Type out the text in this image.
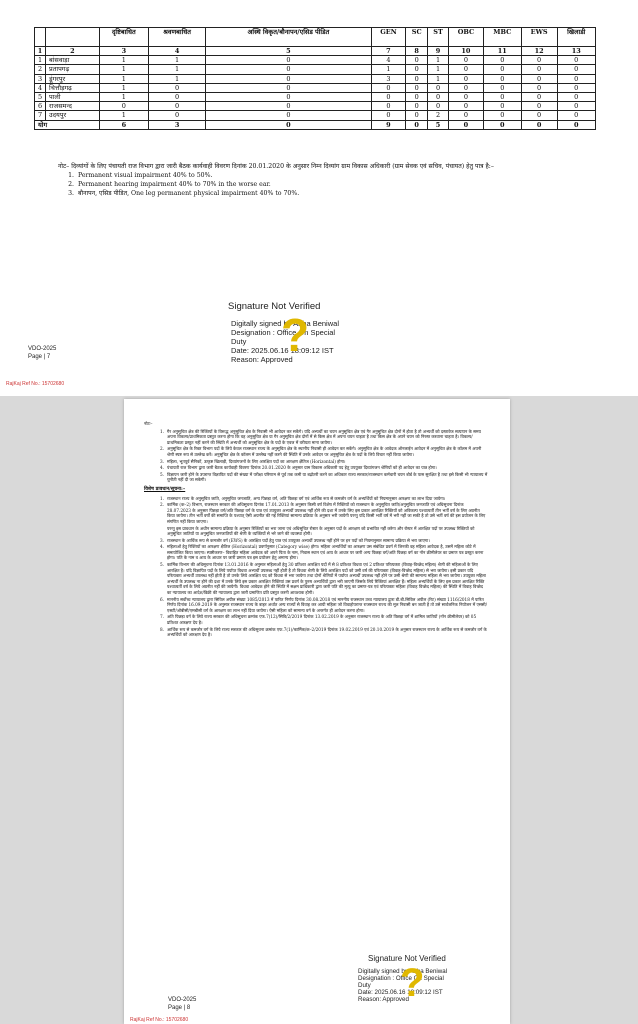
		दृष्टिबाधित	श्रवणबाधित	अस्थि विकृत/बौनापन/एसिड पीडित	GEN	SC	ST	OBC	MBC	EWS	खिलाडी
1	2	3	4	5	7	8	9	10	11	12	13
1	बांसवाड़ा	1	1	0	4	0	1	0	0	0	0
2	प्रतापगढ़	1	1	0	1	0	1	0	0	0	0
3	डूंगरपुर	1	1	0	3	0	1	0	0	0	0
4	चित्तौड़गढ़	1	0	0	0	0	0	0	0	0	0
5	पाली	1	0	0	0	0	0	0	0	0	0
6	राजसमन्द	0	0	0	0	0	0	0	0	0	0
7	उदयपुर	1	0	0	0	0	2	0	0	0	0
योग		6	3	0	9	0	5	0	0	0	0
नोट– दिव्यांगों के लिए पंचायती राज विभाग द्वारा जारी बैठक कार्यवाही विवरण दिनांक 20.01.2020 के अनुसार निम्न दिव्यांग ग्राम विकास अधिकारी (ग्राम सेवक एवं सचिव, पंचायत) हेतु पात्र है:–
1. Permanent visual impairment 40% to 50%.
2. Permanent hearing impairment 40% to 70% in the worse ear.
3. बौनापन, एसिड पीडित, One leg permanent physical impairment 40% to 70%.
Signature Not Verified
Digitally signed by Abha Beniwal
Designation : Office On Special
Duty
Date: 2025.06.16 18:09:12 IST
Reason: Approved
?
VDO-2025
Page | 7
RajKaj Ref No.: 15702680
नोटः–
1. गैर अनुसूचित क्षेत्र की रिक्तियों के विरूद्ध अनुसूचित क्षेत्र के निवासी भी आवेदन कर सकेंगे। यदि अभ्यर्थी का चयन अनुसूचित क्षेत्र एवं गैर अनुसूचित क्षेत्र दोनों में होता है तो अभ्यर्थी को दस्तावेज सत्यापन के समय अपना विकल्प/प्राथमिकता प्रस्तुत करना होगा कि वह अनुसूचित क्षेत्र या गैर अनुसूचित क्षेत्र दोनों में से किस क्षेत्र में अपना चयन चाहता है तथा किस क्षेत्र के अपने चयन को निरस्त करवाना चाहता है। विकल्प/प्राथमिकता प्रस्तुत नहीं करने की स्थिति में अभ्यर्थी को अनुसूचित क्षेत्र के पदों के एवज में वरीयता माना जायेगा।
2. अनुसूचित क्षेत्र के रिक्त विभाग पदों के लिये केवल राजस्थान राज्य के अनुसूचित क्षेत्र के स्थानीय निवासी ही आवेदन कर सकेंगे। अनुसूचित क्षेत्र के आवेदक ऑनलाईन आवेदन में अनुसूचित क्षेत्र के कॉलम में अपनी श्रेणी स्पष्ट रूप से उल्लेख करें। अनुसूचित क्षेत्र के कॉलम में उल्लेख नहीं करने की स्थिति में उनके आवेदन पर अनुसूचित क्षेत्र के पदों के लिये विचार नहीं किया जायेगा।
3. महिला, भूतपूर्व सैनिकों, उत्कृष्ट खिलाड़ी, दिव्यांगजनों के लिए आरक्षित पदों का आरक्षण क्षैतिज (Horizontal) होगा।
4. पंचायती राज विभाग द्वारा जारी बैठक कार्यवाही विवरण दिनांक 20.01.2020 के अनुसार ग्राम विकास अधिकारी पद हेतु उपयुक्त दिव्यांगजन श्रेणियों को ही आवेदन का पात्र होगा।
5. विज्ञापन जारी होने के उपरान्त विज्ञापित पदों की संख्या में परीक्षा परिणाम से पूर्व तक कमी या बढ़ोतरी करने का अधिकार राज्य सरकार/राजस्थान कर्मचारी चयन बोर्ड के पास सुरक्षित है तथा इसे किसी भी न्यायालय में चुनौती नहीं दी जा सकेगी।
विशेष प्रावधान/सूचना:–
1. राजस्थान राज्य के अनुसूचित जाति, अनुसूचित जनजाति, अन्य पिछड़ा वर्ग, अति पिछड़ा वर्ग एवं आर्थिक रूप से कमजोर वर्ग के अभ्यर्थियों को नियमानुसार आरक्षण का लाभ दिया जायेगा।
2. कार्मिक (क–2) विभाग, राजस्थान सरकार की अधिसूचना दिनांक 17.01.2013 के अनुसार किसी वर्ष विशेष में रिक्तियों को राजस्थान के अनुसूचित जाति/अनुसूचित जनजाति एवं अधिसूचना दिनांक 28.07.2023 के अनुसार पिछड़ा वर्ग/अति पिछड़ा वर्ग के पात्र एवं उपयुक्त अभ्यर्थी उपलब्ध नहीं होने की दशा में उनके लिए इस प्रकार आरक्षित रिक्तियों को अविकल्प पश्चात्वर्ती तीन भर्ती वर्ष के लिए अग्रनीत किया जायेगा। तीन भर्ती वर्षों की समाप्ति के पश्चात् ऐसी अग्रनीत की गई रिक्तियां सामान्य प्रक्रिया के अनुसार भरी जायेगी परन्तु यदि किसी भर्ती वर्ष में भरी नहीं जा सकी है तो उसे भर्ती वर्ष की इस प्रयोजन के लिए संगणित नहीं किया जाएगा।
परन्तु इस प्रावधान के अधीन सामान्य प्रक्रिया के अनुसार रिक्तियों का भरा जाना एवं अधिसूचित रोस्टर के अनुसार पदों के आरक्षण को प्रभावित नहीं करेगा और रोस्टर में आरक्षित पदों पर उपलब्ध रिक्तियों को अनुसूचित जातियों या अनुसूचित जनजातियों की श्रेणी के व्यक्तियों से भरे जाने की व्यवस्था होगी।
3. राजस्थान के आर्थिक रूप से कमजोर वर्ग (EWS) के आरक्षित पदों हेतु पात्र एवं उपयुक्त अभ्यर्थी उपलब्ध नहीं होने पर इन पदों को नियमानुसार सामान्य प्रक्रिया से भरा जाएगा।
4. महिलाओं हेतु रिक्तियों का आरक्षण क्षैतिज (Horizontal) प्रवर्गानुसार (Category wise) होगा। महिला अभ्यर्थियों का आरक्षण उस संबंधित प्रवर्ग में जिनकी वह महिला आवेदक है, उसमें महिला कोटे में समायोजित किया जाएगा। स्पष्टीकरण– विवाहित महिला आवेदक को अपने पिता के नाम, निवास स्थान एवं आय के आधार पर जारी अन्य पिछड़ा वर्ग/अति पिछड़ा वर्ग का नॉन क्रीमीलेयर का प्रमाण पत्र प्रस्तुत करना होगा। पति के नाम व आय के आधार पर जारी प्रमाण पत्र इस प्रयोजन हेतु अमान्य होगा।
5. कार्मिक विभाग की अधिसूचना दिनांक 13.01.2016 के अनुसार महिलाओं हेतु 30 प्रतिशत आरक्षित पदों में से 8 प्रतिशत विधवा एवं 2 प्रतिशत परित्यक्ता (विवाह-विच्छेद महिला) श्रेणी की महिलाओं के लिए आरक्षित है। यदि विज्ञापित पदों के लिये पर्याप्त विधवा अभ्यर्थी उपलब्ध नहीं होती है तो विधवा श्रेणी के लिये आरक्षित पदों को उसी वर्ष की परित्यक्ता (विवाह-विच्छेद महिला) से भरा जायेगा। इसी प्रकार यदि परित्यक्ता अभ्यर्थी उपलब्ध नहीं होती है तो उनके लिये आरक्षित पद को विधवा से भरा जायेगा तथा दोनों श्रेणियों में पर्याप्त अभ्यर्थी उपलब्ध नहीं होने पर उसी श्रेणी की सामान्य महिला से भरा जायेगा। उपयुक्त महिला अभ्यर्थी के उपलब्ध ना होने की दशा में उनके लिये इस प्रकार आरक्षित रिक्तियां उस प्रवर्ग के पुरुष अभ्यर्थियों द्वारा भरी जाएगी जिसके लिये रिक्तियां आरक्षित हैं। महिला अभ्यर्थियों के लिए इस प्रकार आरक्षित रिक्ति पश्चात्वर्ती वर्ष के लिये अग्रनीत नहीं की जायेगी। विधवा आवेदक होने की स्थिति में सक्षम प्राधिकारी द्वारा जारी पति की मृत्यु का प्रमाण-पत्र एवं परित्यक्ता महिला (विवाह विच्छेद महिला) की स्थिति में विवाह विच्छेद का न्यायालय का आदेश/डिक्री की न्यायालय द्वारा जारी प्रमाणित प्रति प्रस्तुत करनी आवश्यक होगी।
6. माननीय सर्वोच्च न्यायालय द्वारा सिविल अपील संख्या 1085/2013 में पारित निर्णय दिनांक 30.08.2018 एवं माननीय राजस्थान उच्च न्यायालय द्वारा डी.बी.सिविल अपील (रिट) संख्या 1116/2018 में पारित निर्णय दिनांक 16.09.2019 के अनुसार राजस्थान राज्य के बाहर अर्थात अन्य राज्यों से विवाह कर आयी महिला जो विवाहोपरान्त राजस्थान राज्य की मूल निवासी बन जाती है तो उसे सार्वजनिक नियोजन में एससी/एसटी/ओबीसी/एमबीसी वर्ग के आरक्षण का लाभ नहीं दिया जायेगा। ऐसी महिला को सामान्य वर्ग के अन्तर्गत ही आवेदन करना होगा।
7. अति पिछड़ा वर्ग के लिये राज्य सरकार की अधिसूचना क्रमांक एफ.7(12)/सिवि/2/2019 दिनांक 13.02.2019 के अनुसार राजस्थान राज्य के अति पिछड़ा वर्ग में शामिल जातियों (नॉन क्रीमीलेयर) को 05 प्रतिशत आरक्षण देय है।
8. आर्थिक रूप से कमजोर वर्ग के लिये राज्य सरकार की अधिसूचना क्रमांक एफ.7(1)/कार्मिक/क–2/2019 दिनांक 19.02.2019 एवं 20.10.2019 के अनुसार राजस्थान राज्य के आर्थिक रूप से कमजोर वर्ग के अभ्यर्थियों को आरक्षण देय है।
Signature Not Verified
Digitally signed by Abha Beniwal
Designation : Office On Special
Duty
Date: 2025.06.16 18:09:12 IST
Reason: Approved
?
VDO-2025
Page | 8
RajKaj Ref No.: 15702680
